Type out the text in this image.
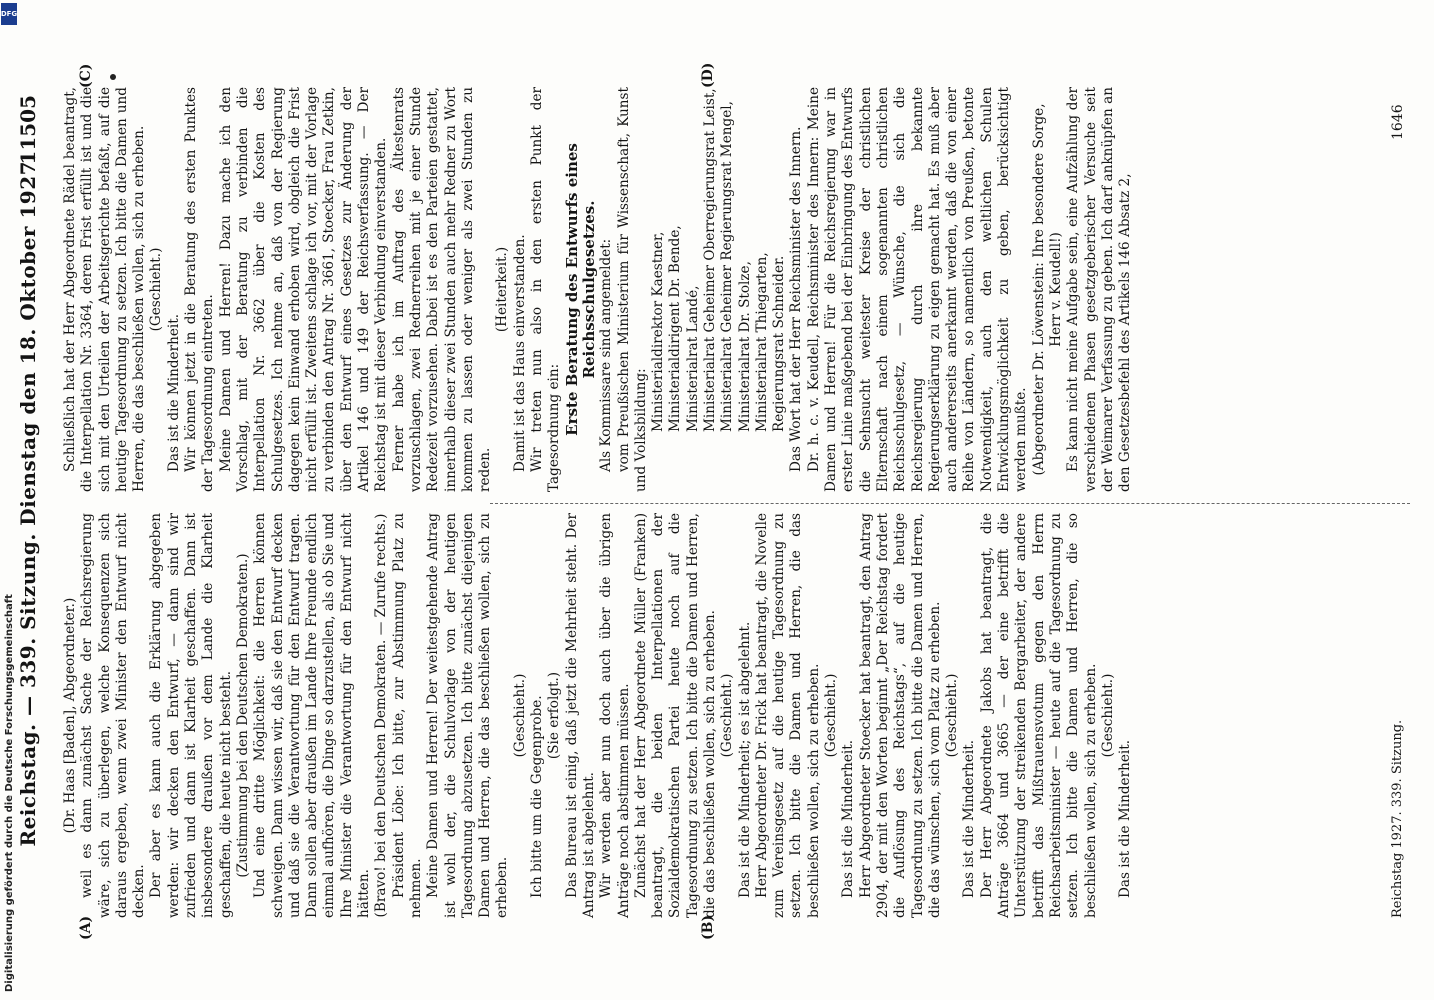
Reichstag. — 339. Sitzung. Dienstag den 18. Oktober 1927.
11505
(A)	(B)
(C)	(D)

(Dr. Haas [Baden], Abgeordneter.) weil es dann zunächst Sache der Reichsregierung wäre, sich zu überlegen, welche Konsequenzen sich daraus ergeben, wenn zwei Minister den Entwurf nicht decken. Der aber es kann auch die Erklärung abgegeben werden: wir decken den Entwurf, — dann sind wir zufrieden und dann ist Klarheit geschaffen. Dann ist insbesondere draußen vor dem Lande die Klarheit geschaffen, die heute nicht besteht. (Zustimmung bei den Deutschen Demokraten.) Und eine dritte Möglichkeit: die Herren können schweigen. Dann wissen wir, daß sie den Entwurf decken und daß sie die Verantwortung für den Entwurf tragen. Dann sollen aber draußen im Lande Ihre Freunde endlich einmal aufhören, die Dinge so darzustellen, als ob Sie und Ihre Minister die Verantwortung für den Entwurf nicht hätten. (Bravo! bei den Deutschen Demokraten. — Zurufe rechts.) Präsident Löbe: Ich bitte, zur Abstimmung Platz zu nehmen. Meine Damen und Herren! Der weitestgehende Antrag ist wohl der, die Schulvorlage von der heutigen Tagesordnung abzusetzen. Ich bitte zunächst diejenigen Damen und Herren, die das beschließen wollen, sich zu erheben.

(Geschieht.) Ich bitte um die Gegenprobe. (Sie erfolgt.) Das Bureau ist einig, daß jetzt die Mehrheit steht. Der Antrag ist abgelehnt. Wir werden aber nun doch auch über die übrigen Anträge noch abstimmen müssen. Zunächst hat der Herr Abgeordnete Müller (Franken) beantragt, die beiden Interpellationen der Sozialdemokratischen Partei heute noch auf die Tagesordnung zu setzen. Ich bitte die Damen und Herren, die das beschließen wollen, sich zu erheben. (Geschieht.) Das ist die Minderheit; es ist abgelehnt. Herr Abgeordneter Dr. Frick hat beantragt, die Novelle zum Vereinsgesetz auf die heutige Tagesordnung zu setzen. Ich bitte die Damen und Herren, die das beschließen wollen, sich zu erheben. (Geschieht.)

Das ist die Minderheit. Herr Abgeordneter Stoecker hat beantragt, den Antrag 2904, der mit den Worten beginnt „Der Reichstag fordert die Auflösung des Reichstags“, auf die heutige Tagesordnung zu setzen. Ich bitte die Damen und Herren, die das wünschen, sich vom Platz zu erheben. (Geschieht.)

Das ist die Minderheit. Der Herr Abgeordnete Jakobs hat beantragt, die Anträge 3664 und 3665 — der eine betrifft die Unterstützung der streikenden Bergarbeiter, der andere betrifft das Mißtrauensvotum gegen den Herrn Reichsarbeitsminister — heute auf die Tagesordnung zu setzen. Ich bitte die Damen und Herren, die so beschließen wollen, sich zu erheben. (Geschieht.)

Das ist die Minderheit.

Schließlich hat der Herr Abgeordnete Rädel beantragt, die Interpellation Nr. 3364, deren Frist erfüllt ist und die sich mit den Urteilen der Arbeitsgerichte befaßt, auf die heutige Tagesordnung zu setzen. Ich bitte die Damen und Herren, die das beschließen wollen, sich zu erheben. (Geschieht.)

Das ist die Minderheit. Wir können jetzt in die Beratung des ersten Punktes der Tagesordnung eintreten. Meine Damen und Herren! Dazu mache ich den Vorschlag, mit der Beratung zu verbinden die Interpellation Nr. 3662 über die Kosten des Schulgesetzes. Ich nehme an, daß von der Regierung dagegen kein Einwand erhoben wird, obgleich die Frist nicht erfüllt ist. Zweitens schlage ich vor, mit der Vorlage zu verbinden den Antrag Nr. 3661, Stoecker, Frau Zetkin, über den Entwurf eines Gesetzes zur Änderung der Artikel 146 und 149 der Reichsverfassung. — Der Reichstag ist mit dieser Verbindung einverstanden. Ferner habe ich im Auftrag des Ältestenrats vorzuschlagen, zwei Rednerreihen mit je einer Stunde Redezeit vorzusehen. Dabei ist es den Parteien gestattet, innerhalb dieser zwei Stunden auch mehr Redner zu Wort kommen zu lassen oder weniger als zwei Stunden zu reden.

(Heiterkeit.) Damit ist das Haus einverstanden. Wir treten nun also in den ersten Punkt der Tagesordnung ein: Erste Beratung des Entwurfs eines Reichsschulgesetzes. Als Kommissare sind angemeldet: vom Preußischen Ministerium für Wissenschaft, Kunst und Volksbildung: Ministerialdirektor Kaestner, Ministerialdirigent Dr. Bende, Ministerialrat Landé, Ministerialrat Geheimer Oberregierungsrat Leist, Ministerialrat Geheimer Regierungsrat Mengel, Ministerialrat Dr. Stolze, Ministerialrat Thiegarten, Regierungsrat Schneider. Das Wort hat der Herr Reichsminister des Innern. Dr. h. c. v. Keudell, Reichsminister des Innern: Meine Damen und Herren! Für die Reichsregierung war in erster Linie maßgebend bei der Einbringung des Entwurfs die Sehnsucht weitester Kreise der christlichen Elternschaft nach einem sogenannten christlichen Reichsschulgesetz, — Wünsche, die sich die Reichsregierung durch ihre bekannte Regierungserklärung zu eigen gemacht hat. Es muß aber auch andererseits anerkannt werden, daß die von einer Reihe von Ländern, so namentlich von Preußen, betonte Notwendigkeit, auch den weltlichen Schulen Entwicklungsmöglichkeit zu geben, berücksichtigt werden mußte. (Abgeordneter Dr. Löwenstein: Ihre besondere Sorge, Herr v. Keudell!) Es kann nicht meine Aufgabe sein, eine Aufzählung der verschiedenen Phasen gesetzgeberischer Versuche seit der Weimarer Verfassung zu geben. Ich darf anknüpfen an den Gesetzesbefehl des Artikels 146 Absatz 2,

Reichstag 1927. 339. Sitzung.
1646
Digitalisierung gefördert durch die Deutsche Forschungsgemeinschaft
DFG
